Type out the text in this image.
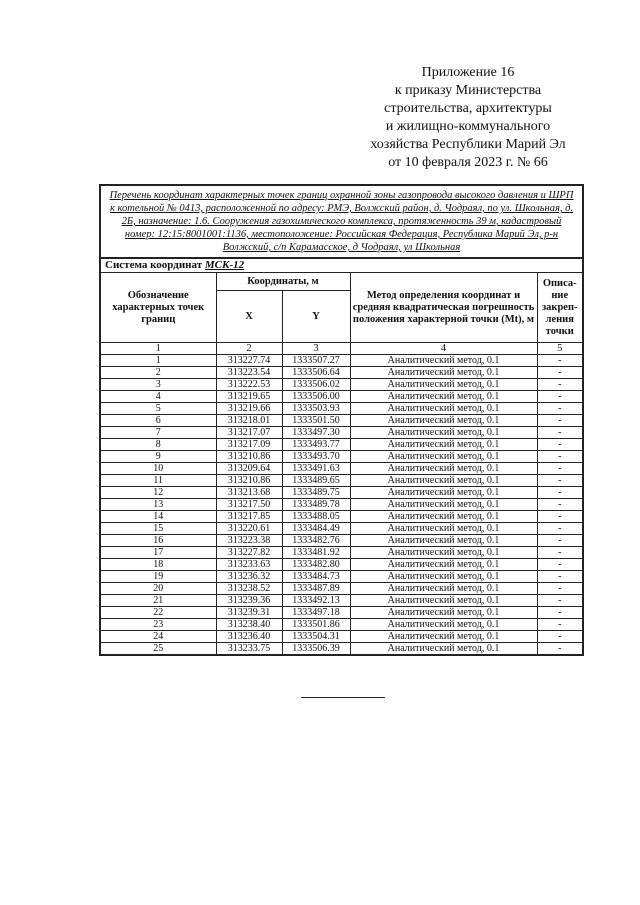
Приложение 16
к приказу Министерства
строительства, архитектуры
и жилищно-коммунального
хозяйства Республики Марий Эл
от 10 февраля 2023 г. № 66
Перечень координат характерных точек границ охранной зоны газопровода высокого давления и ШРП к котельной № 0413, расположенной по адресу: РМЭ, Волжский район, д. Чодраял, по ул. Школьная, д. 2Б, назначение: 1.6. Сооружения газохимического комплекса, протяженность 39 м, кадастровый номер: 12:15:8001001:1136, местоположение: Российская Федерация, Республика Марий Эл, р-н Волжский, с/п Карамасское, д Чодраял, ул Школьная				
Система координат МСК-12				
Обозначение характерных точек границ	Координаты, м		Метод определения координат и средняя квадратическая погрешность положения характерной точки (Mt), м	Описа-ние закреп-ления точки
	X	Y		
1	2	3	4	5
1	313227.74	1333507.27	Аналитический метод, 0.1	-
2	313223.54	1333506.64	Аналитический метод, 0.1	-
3	313222.53	1333506.02	Аналитический метод, 0.1	-
4	313219.65	1333506.00	Аналитический метод, 0.1	-
5	313219.66	1333503.93	Аналитический метод, 0.1	-
6	313218.01	1333501.50	Аналитический метод, 0.1	-
7	313217.07	1333497.30	Аналитический метод, 0.1	-
8	313217.09	1333493.77	Аналитический метод, 0.1	-
9	313210.86	1333493.70	Аналитический метод, 0.1	-
10	313209.64	1333491.63	Аналитический метод, 0.1	-
11	313210.86	1333489.65	Аналитический метод, 0.1	-
12	313213.68	1333489.75	Аналитический метод, 0.1	-
13	313217.50	1333489.78	Аналитический метод, 0.1	-
14	313217.85	1333488.05	Аналитический метод, 0.1	-
15	313220.61	1333484.49	Аналитический метод, 0.1	-
16	313223.38	1333482.76	Аналитический метод, 0.1	-
17	313227.82	1333481.92	Аналитический метод, 0.1	-
18	313233.63	1333482.80	Аналитический метод, 0.1	-
19	313236.32	1333484.73	Аналитический метод, 0.1	-
20	313238.52	1333487.89	Аналитический метод, 0.1	-
21	313239.36	1333492.13	Аналитический метод, 0.1	-
22	313239.31	1333497.18	Аналитический метод, 0.1	-
23	313238.40	1333501.86	Аналитический метод, 0.1	-
24	313236.40	1333504.31	Аналитический метод, 0.1	-
25	313233.75	1333506.39	Аналитический метод, 0.1	-
